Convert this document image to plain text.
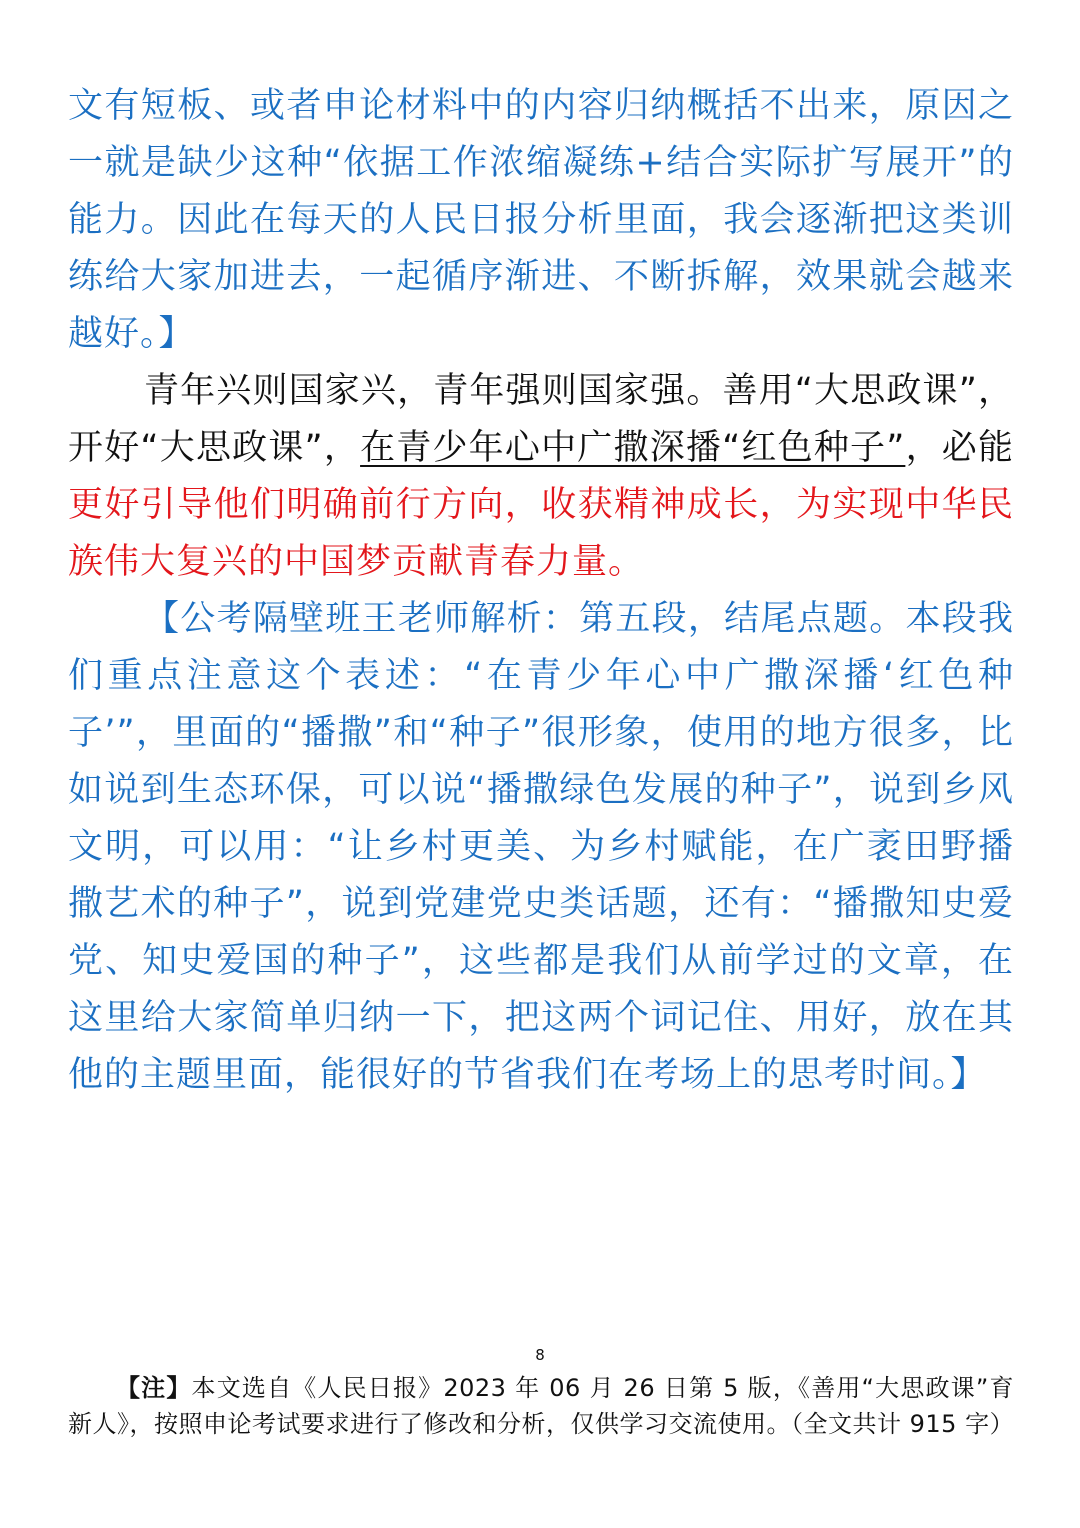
文有短板、或者申论材料中的内容归纳概括不出来，原因之一就是缺少这种“依据工作浓缩凝练+结合实际扩写展开”的能力。因此在每天的人民日报分析里面，我会逐渐把这类训练给大家加进去，一起循序渐进、不断拆解，效果就会越来越好。】

青年兴则国家兴，青年强则国家强。善用“大思政课”，开好“大思政课”，在青少年心中广撒深播“红色种子”，必能更好引导他们明确前行方向，收获精神成长，为实现中华民族伟大复兴的中国梦贡献青春力量。

【公考隔壁班王老师解析：第五段，结尾点题。本段我们重点注意这个表述：“在青少年心中广撒深播‘红色种子’”，里面的“播撒”和“种子”很形象，使用的地方很多，比如说到生态环保，可以说“播撒绿色发展的种子”，说到乡风文明，可以用：“让乡村更美、为乡村赋能，在广袤田野播撒艺术的种子”，说到党建党史类话题，还有：“播撒知史爱党、知史爱国的种子”，这些都是我们从前学过的文章，在这里给大家简单归纳一下，把这两个词记住、用好，放在其他的主题里面，能很好的节省我们在考场上的思考时间。】

8

【注】本文选自《人民日报》2023 年 06 月 26 日第 5 版，《善用“大思政课”育新人》，按照申论考试要求进行了修改和分析，仅供学习交流使用。（全文共计 915 字）
